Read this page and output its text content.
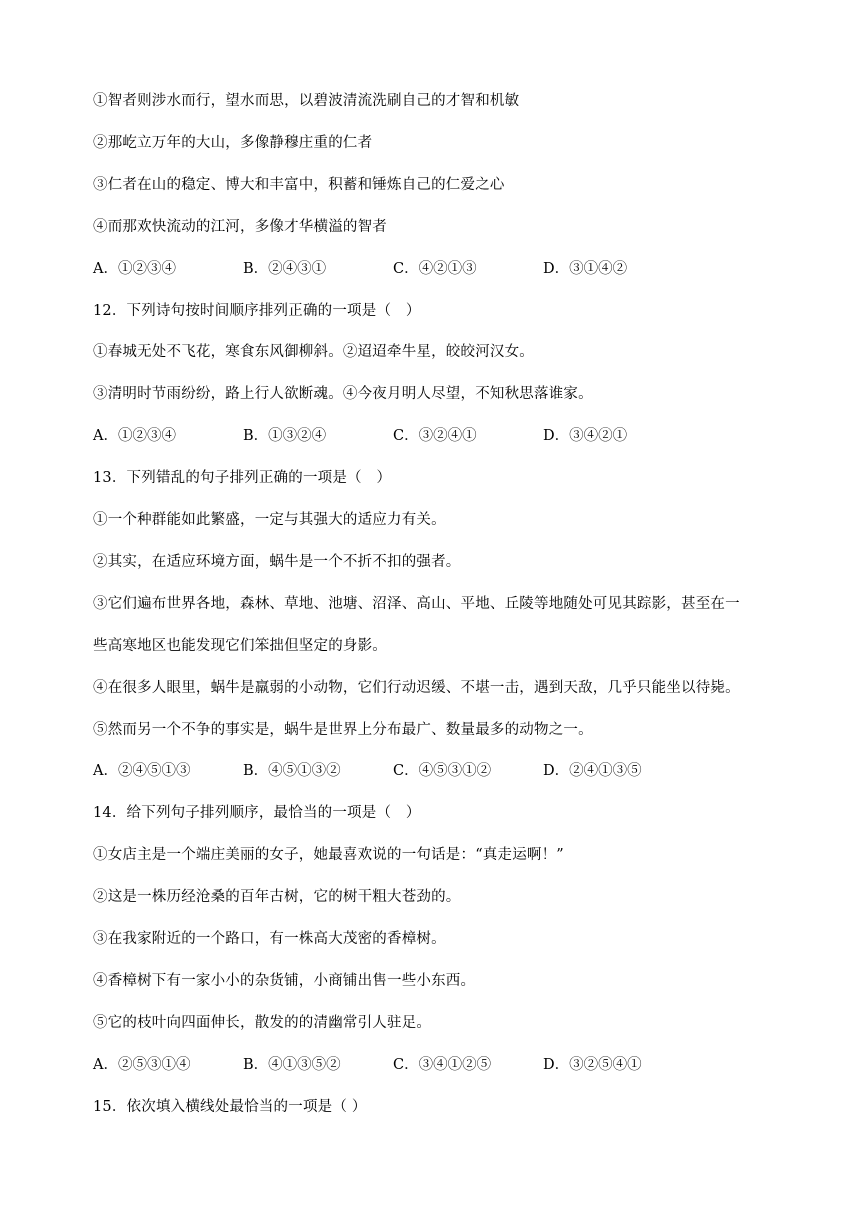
①智者则涉水而行，望水而思，以碧波清流洗刷自己的才智和机敏
②那屹立万年的大山，多像静穆庄重的仁者
③仁者在山的稳定、博大和丰富中，积蓄和锤炼自己的仁爱之心
④而那欢快流动的江河，多像才华横溢的智者
A．①②③④	B．②④③①	C．④②①③	D．③①④②
12．下列诗句按时间顺序排列正确的一项是（　）
①春城无处不飞花，寒食东风御柳斜。②迢迢牵牛星，皎皎河汉女。
③清明时节雨纷纷，路上行人欲断魂。④今夜月明人尽望，不知秋思落谁家。
A．①②③④	B．①③②④	C．③②④①	D．③④②①
13．下列错乱的句子排列正确的一项是（　）
①一个种群能如此繁盛，一定与其强大的适应力有关。
②其实，在适应环境方面，蜗牛是一个不折不扣的强者。
③它们遍布世界各地，森林、草地、池塘、沼泽、高山、平地、丘陵等地随处可见其踪影，甚至在一
些高寒地区也能发现它们笨拙但坚定的身影。
④在很多人眼里，蜗牛是羸弱的小动物，它们行动迟缓、不堪一击，遇到天敌，几乎只能坐以待毙。
⑤然而另一个不争的事实是，蜗牛是世界上分布最广、数量最多的动物之一。
A．②④⑤①③	B．④⑤①③②	C．④⑤③①②	D．②④①③⑤
14．给下列句子排列顺序，最恰当的一项是（　）
①女店主是一个端庄美丽的女子，她最喜欢说的一句话是：“真走运啊！”
②这是一株历经沧桑的百年古树，它的树干粗大苍劲的。
③在我家附近的一个路口，有一株高大茂密的香樟树。
④香樟树下有一家小小的杂货铺，小商铺出售一些小东西。
⑤它的枝叶向四面伸长，散发的的清幽常引人驻足。
A．②⑤③①④	B．④①③⑤②	C．③④①②⑤	D．③②⑤④①
15．依次填入横线处最恰当的一项是（ ）
